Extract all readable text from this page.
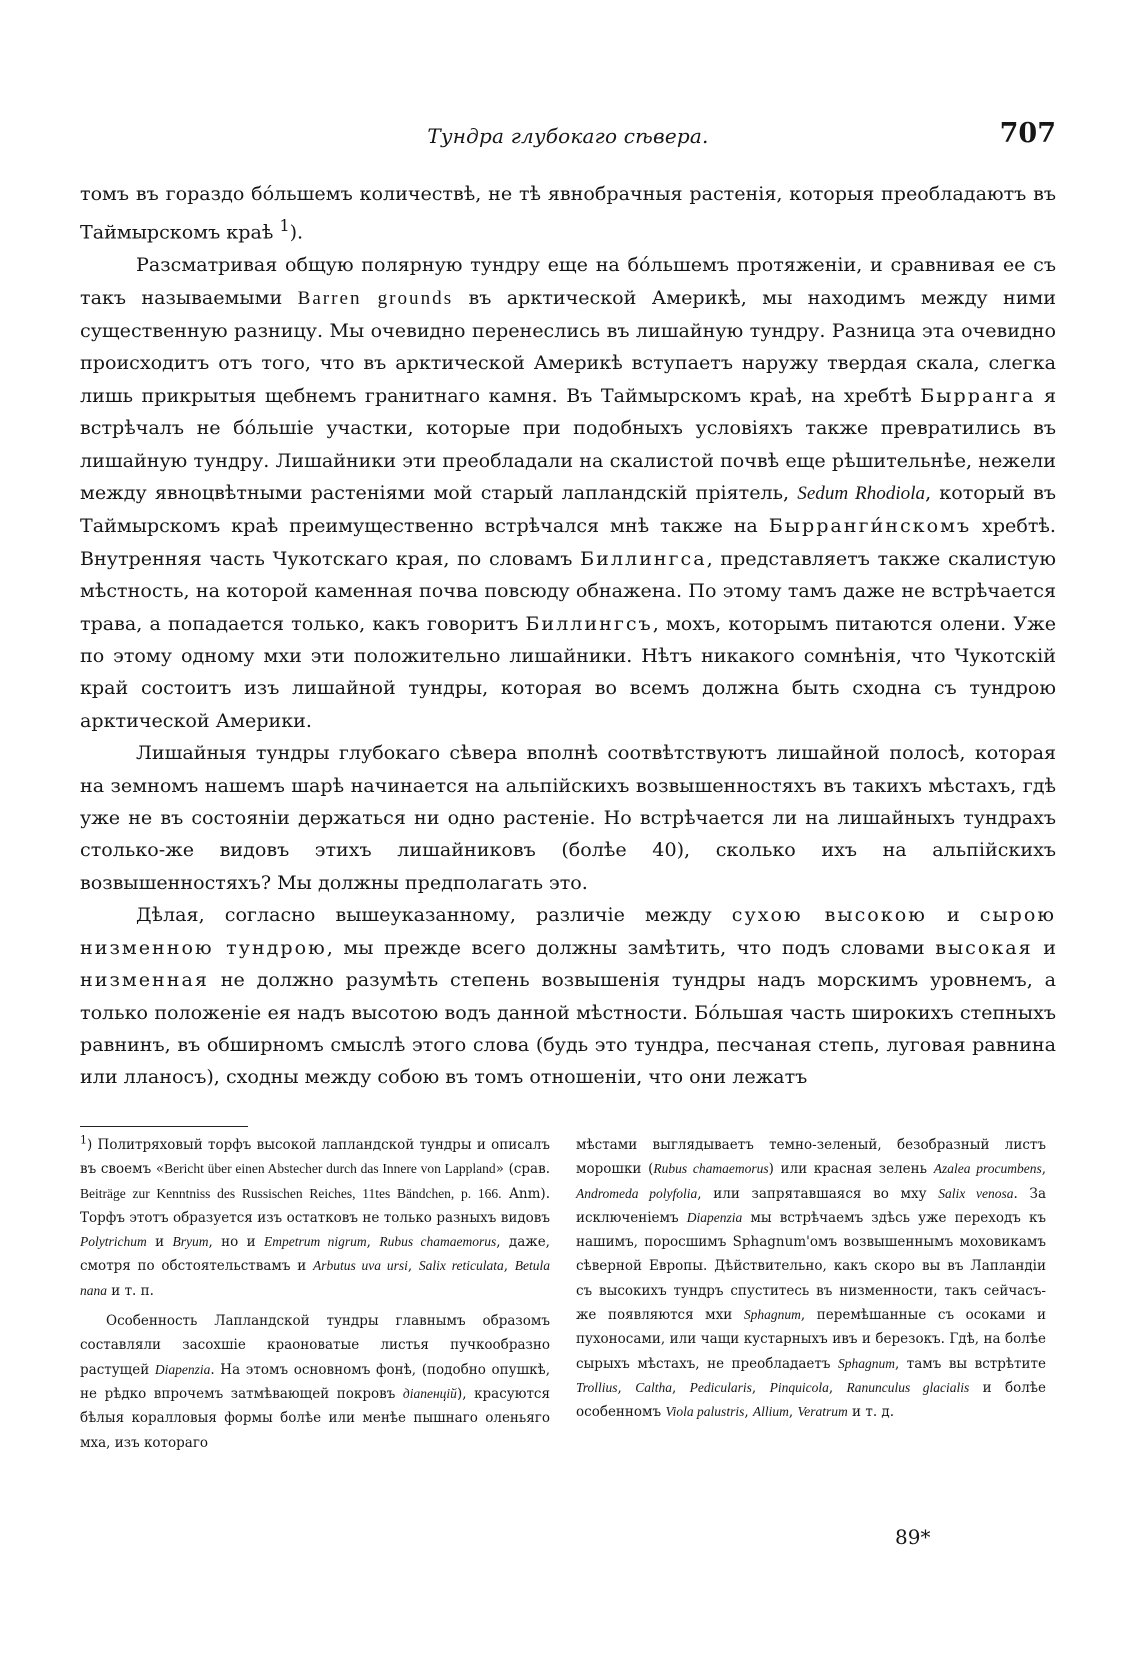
Тундра глубокаго сѣвера.	707

томъ въ гораздо бо́льшемъ количествѣ, не тѣ явнобрачныя растенія, которыя преобладаютъ въ Таймырскомъ краѣ $^1$).

Разсматривая общую полярную тундру еще на бо́льшемъ протяженіи, и сравнивая ее съ такъ называемыми Barren grounds въ арктической Америкѣ, мы находимъ между ними существенную разницу. Мы очевидно перенеслись въ лишайную тундру. Разница эта очевидно происходитъ отъ того, что въ арктической Америкѣ вступаетъ наружу твердая скала, слегка лишь прикрытыя щебнемъ гранитнаго камня. Въ Таймырскомъ краѣ, на хребтѣ Бырранга я встрѣчалъ не бо́льшіе участки, которые при подобныхъ условіяхъ также превратились въ лишайную тундру. Лишайники эти преобладали на скалистой почвѣ еще рѣшительнѣе, нежели между явноцвѣтными растеніями мой старый лапландскій пріятель, Sedum Rhodiola, который въ Таймырскомъ краѣ преимущественно встрѣчался мнѣ также на Бырранги́нскомъ хребтѣ. Внутренняя часть Чукотскаго края, по словамъ Биллингса, представляетъ также скалистую мѣстность, на которой каменная почва повсюду обнажена. По этому тамъ даже не встрѣчается трава, а попадается только, какъ говоритъ Биллингсъ, мохъ, которымъ питаются олени. Уже по этому одному мхи эти положительно лишайники. Нѣтъ никакого сомнѣнія, что Чукотскій край состоитъ изъ лишайной тундры, которая во всемъ должна быть сходна съ тундрою арктической Америки.

Лишайныя тундры глубокаго сѣвера вполнѣ соотвѣтствуютъ лишайной полосѣ, которая на земномъ нашемъ шарѣ начинается на альпійскихъ возвышенностяхъ въ такихъ мѣстахъ, гдѣ уже не въ состояніи держаться ни одно растеніе. Но встрѣчается ли на лишайныхъ тундрахъ столько-же видовъ этихъ лишайниковъ (болѣе 40), сколько ихъ на альпійскихъ возвышенностяхъ? Мы должны предполагать это.

Дѣлая, согласно вышеуказанному, различіе между сухою высокою и сырою низменною тундрою, мы прежде всего должны замѣтить, что подъ словами высокая и низменная не должно разумѣть степень возвышенія тундры надъ морскимъ уровнемъ, а только положеніе ея надъ высотою водъ данной мѣстности. Бо́льшая часть широкихъ степныхъ равнинъ, въ обширномъ смыслѣ этого слова (будь это тундра, песчаная степь, луговая равнина или лланосъ), сходны между собою въ томъ отношеніи, что они лежатъ

$^1$) Политряховый торфъ высокой лапландской тундры и описалъ въ своемъ «Bericht über einen Abstecher durch das Innere von Lappland» (срав. Beiträge zur Kenntniss des Russischen Reiches, 11tes Bändchen, p. 166. Anm). Торфъ этотъ образуется изъ остатковъ не только разныхъ видовъ Polytrichum и Bryum, но и Empetrum nigrum, Rubus chamaemorus, даже, смотря по обстоятельствамъ и Arbutus uva ursi, Salix reticulata, Betula nana и т. п.

Особенность Лапландской тундры главнымъ образомъ составляли засохшіе краоноватые листья пучкообразно растущей Diapenzia. На этомъ основномъ фонѣ, (подобно опушкѣ, не рѣдко впрочемъ затмѣвающей покровъ діапенцій), красуются бѣлыя коралловыя формы болѣе или менѣе пышнаго оленьяго мха, изъ котораго

мѣстами выглядываетъ темно-зеленый, безобразный листъ морошки (Rubus chamaemorus) или красная зелень Azalea procumbens, Andromeda polyfolia, или запрятавшаяся во мху Salix venosa. За исключеніемъ Diapenzia мы встрѣчаемъ здѣсь уже переходъ къ нашимъ, поросшимъ Sphagnum'омъ возвышеннымъ моховикамъ сѣверной Европы. Дѣйствительно, какъ скоро вы въ Лапландіи съ высокихъ тундръ спуститесь въ низменности, такъ сейчасъ-же появляются мхи Sphagnum, перемѣшанные съ осоками и пухоносами, или чащи кустарныхъ ивъ и березокъ. Гдѣ, на болѣе сырыхъ мѣстахъ, не преобладаетъ Sphagnum, тамъ вы встрѣтите Trollius, Caltha, Pedicularis, Pinquicola, Ranunculus glacialis и болѣе особенномъ Viola palustris, Allium, Veratrum и т. д.

89*
